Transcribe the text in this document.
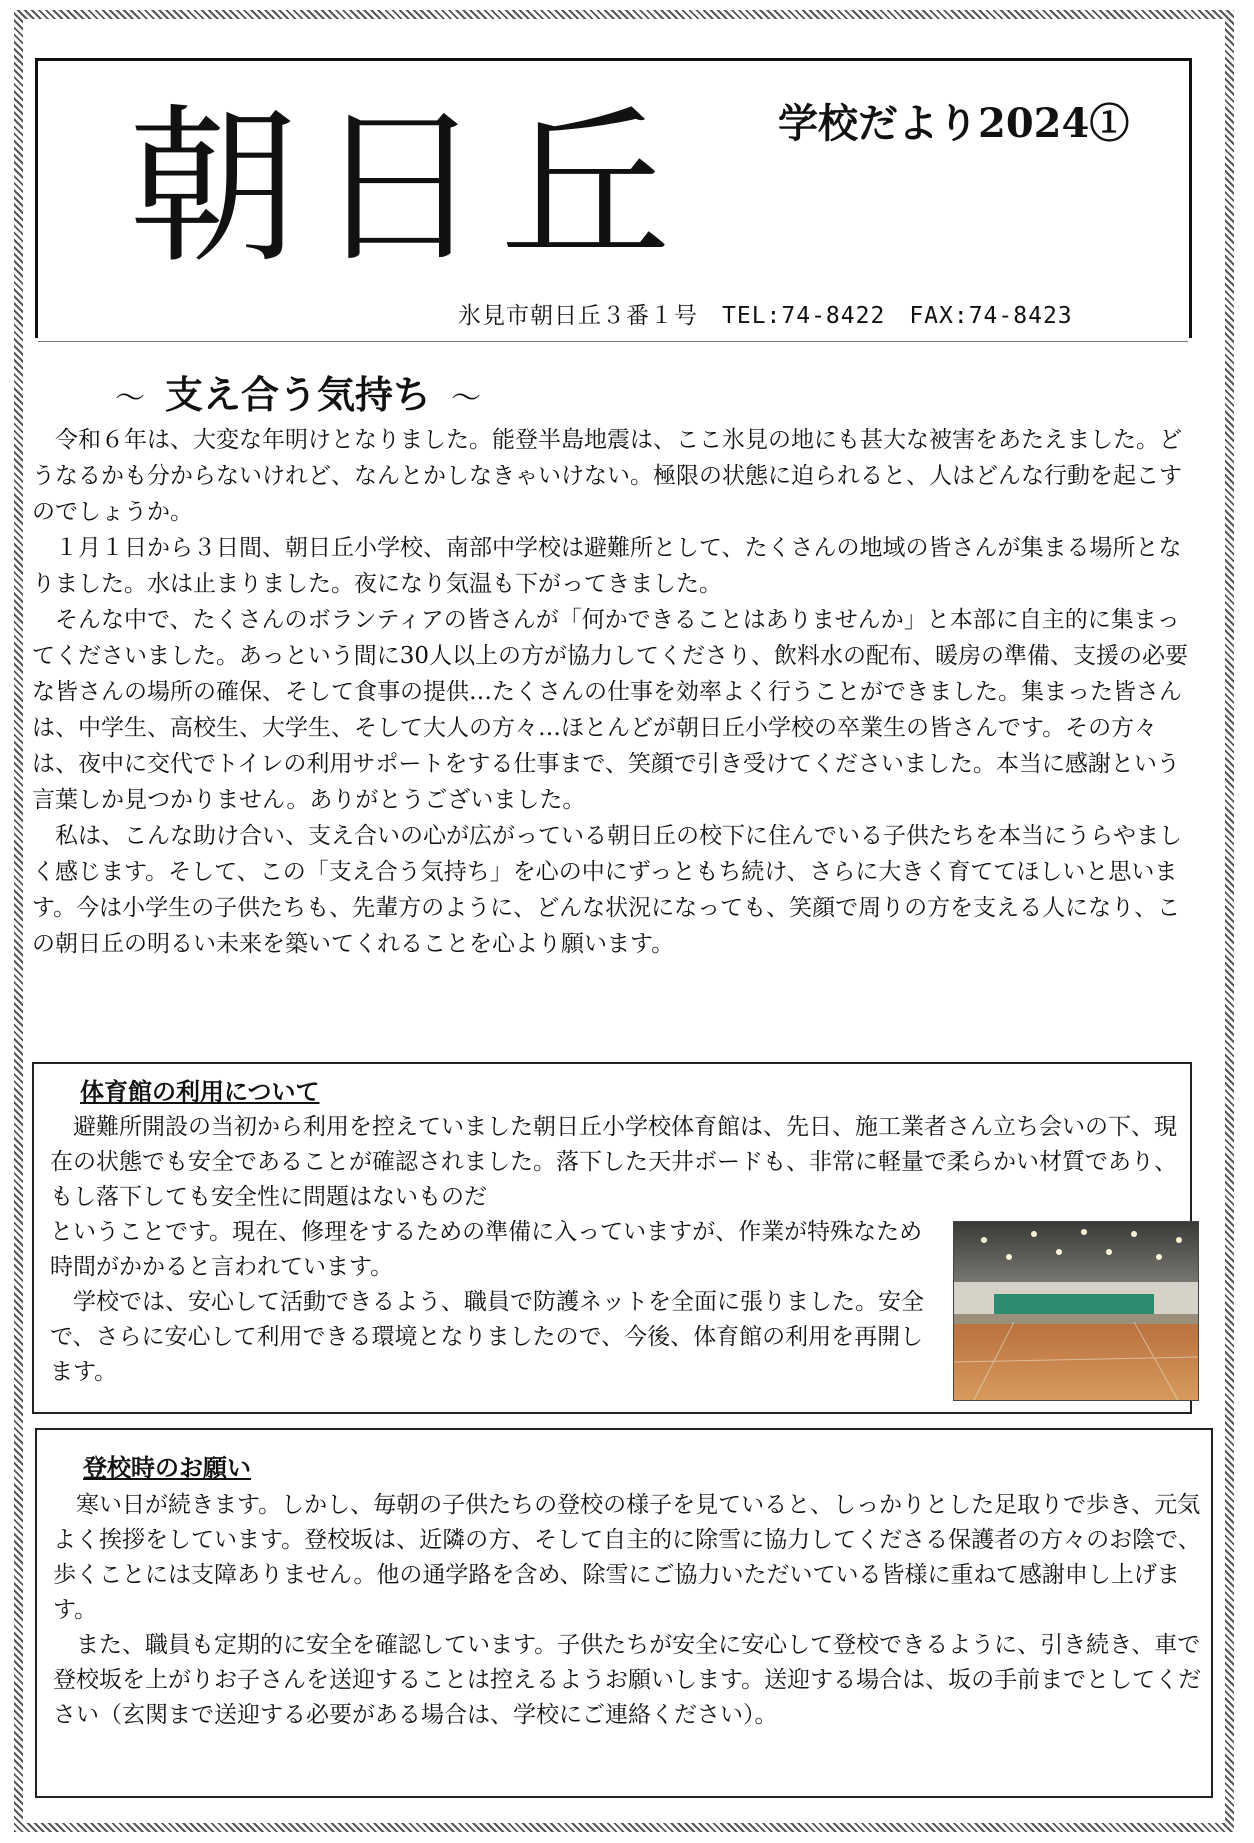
朝日丘 学校だより2024①
氷見市朝日丘３番１号　TEL:74-8422　FAX:74-8423
～ 支え合う気持ち ～

令和６年は、大変な年明けとなりました。能登半島地震は、ここ氷見の地にも甚大な被害をあたえました。どうなるかも分からないけれど、なんとかしなきゃいけない。極限の状態に迫られると、人はどんな行動を起こすのでしょうか。

１月１日から３日間、朝日丘小学校、南部中学校は避難所として、たくさんの地域の皆さんが集まる場所となりました。水は止まりました。夜になり気温も下がってきました。

そんな中で、たくさんのボランティアの皆さんが「何かできることはありませんか」と本部に自主的に集まってくださいました。あっという間に30人以上の方が協力してくださり、飲料水の配布、暖房の準備、支援の必要な皆さんの場所の確保、そして食事の提供…たくさんの仕事を効率よく行うことができました。集まった皆さんは、中学生、高校生、大学生、そして大人の方々…ほとんどが朝日丘小学校の卒業生の皆さんです。その方々は、夜中に交代でトイレの利用サポートをする仕事まで、笑顔で引き受けてくださいました。本当に感謝という言葉しか見つかりません。ありがとうございました。

私は、こんな助け合い、支え合いの心が広がっている朝日丘の校下に住んでいる子供たちを本当にうらやましく感じます。そして、この「支え合う気持ち」を心の中にずっともち続け、さらに大きく育ててほしいと思います。今は小学生の子供たちも、先輩方のように、どんな状況になっても、笑顔で周りの方を支える人になり、この朝日丘の明るい未来を築いてくれることを心より願います。

体育館の利用について

避難所開設の当初から利用を控えていました朝日丘小学校体育館は、先日、施工業者さん立ち会いの下、現在の状態でも安全であることが確認されました。落下した天井ボードも、非常に軽量で柔らかい材質であり、もし落下しても安全性に問題はないものだ

ということです。現在、修理をするための準備に入っていますが、作業が特殊なため時間がかかると言われています。

学校では、安心して活動できるよう、職員で防護ネットを全面に張りました。安全で、さらに安心して利用できる環境となりましたので、今後、体育館の利用を再開します。

登校時のお願い

寒い日が続きます。しかし、毎朝の子供たちの登校の様子を見ていると、しっかりとした足取りで歩き、元気よく挨拶をしています。登校坂は、近隣の方、そして自主的に除雪に協力してくださる保護者の方々のお陰で、歩くことには支障ありません。他の通学路を含め、除雪にご協力いただいている皆様に重ねて感謝申し上げます。

また、職員も定期的に安全を確認しています。子供たちが安全に安心して登校できるように、引き続き、車で登校坂を上がりお子さんを送迎することは控えるようお願いします。送迎する場合は、坂の手前までとしてください（玄関まで送迎する必要がある場合は、学校にご連絡ください）。
